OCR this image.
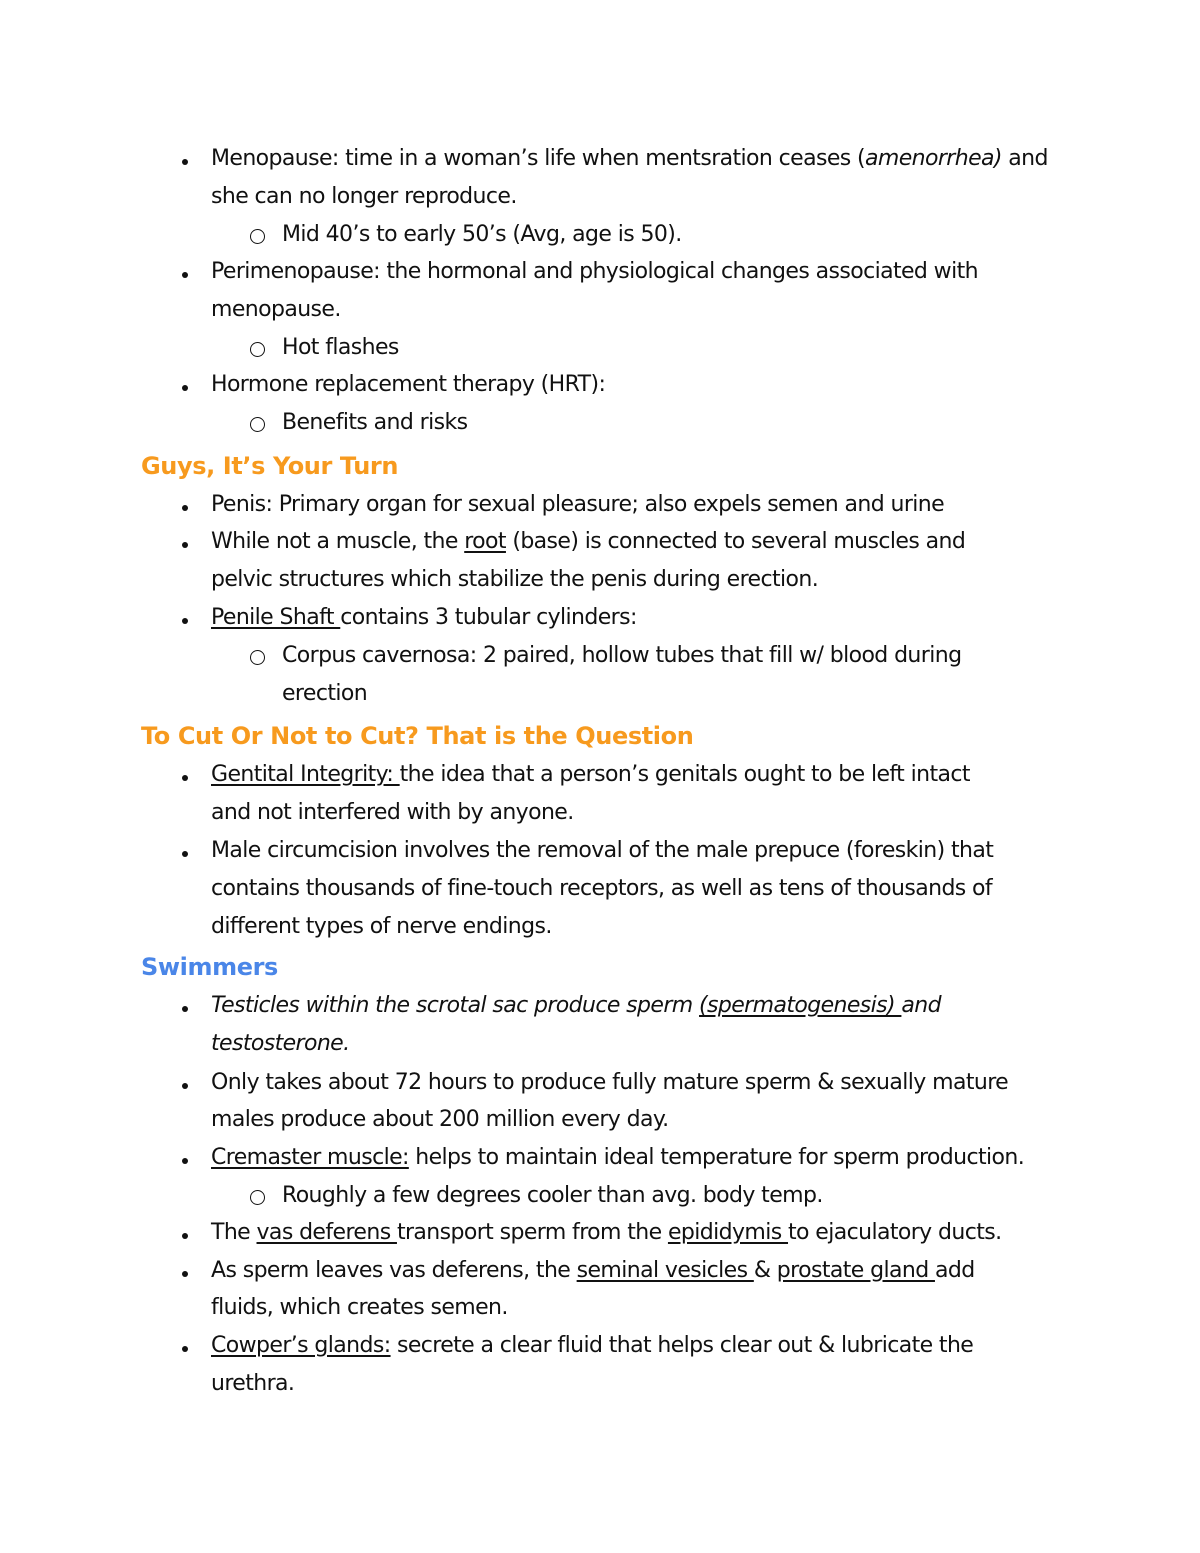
Menopause: time in a woman’s life when mentsration ceases (amenorrhea) and
she can no longer reproduce.
Mid 40’s to early 50’s (Avg, age is 50).
Perimenopause: the hormonal and physiological changes associated with
menopause.
Hot flashes
Hormone replacement therapy (HRT):
Benefits and risks
Guys, It’s Your Turn
Penis: Primary organ for sexual pleasure; also expels semen and urine
While not a muscle, the root (base) is connected to several muscles and
pelvic structures which stabilize the penis during erection.
Penile Shaft contains 3 tubular cylinders:
Corpus cavernosa: 2 paired, hollow tubes that fill w/ blood during
erection
To Cut Or Not to Cut? That is the Question
Gentital Integrity: the idea that a person’s genitals ought to be left intact
and not interfered with by anyone.
Male circumcision involves the removal of the male prepuce (foreskin) that
contains thousands of fine-touch receptors, as well as tens of thousands of
different types of nerve endings.
Swimmers
Testicles within the scrotal sac produce sperm (spermatogenesis) and
testosterone.
Only takes about 72 hours to produce fully mature sperm & sexually mature
males produce about 200 million every day.
Cremaster muscle: helps to maintain ideal temperature for sperm production.
Roughly a few degrees cooler than avg. body temp.
The vas deferens transport sperm from the epididymis to ejaculatory ducts.
As sperm leaves vas deferens, the seminal vesicles & prostate gland add
fluids, which creates semen.
Cowper’s glands: secrete a clear fluid that helps clear out & lubricate the
urethra.
